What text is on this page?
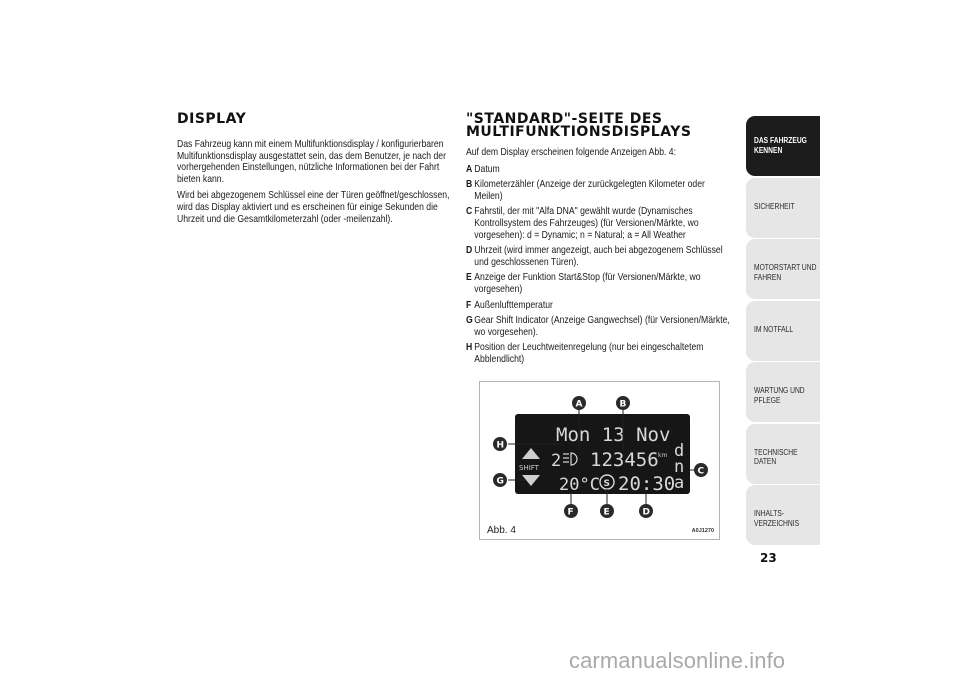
DISPLAY

Das Fahrzeug kann mit einem Multifunktionsdisplay / konfigurierbaren Multifunktionsdisplay ausgestattet sein, das dem Benutzer, je nach der vorhergehenden Einstellungen, nützliche Informationen bei der Fahrt bieten kann.

Wird bei abgezogenem Schlüssel eine der Türen geöffnet/geschlossen, wird das Display aktiviert und es erscheinen für einige Sekunden die Uhrzeit und die Gesamtkilometerzahl (oder -meilenzahl).

"STANDARD"-SEITE DES
MULTIFUNKTIONSDISPLAYS

Auf dem Display erscheinen folgende Anzeigen Abb. 4:

A Datum
B Kilometerzähler (Anzeige der zurückgelegten Kilometer oder Meilen)
C Fahrstil, der mit "Alfa DNA" gewählt wurde (Dynamisches Kontrollsystem des Fahrzeuges) (für Versionen/Märkte, wo vorgesehen): d = Dynamic; n = Natural; a = All Weather
D Uhrzeit (wird immer angezeigt, auch bei abgezogenem Schlüssel und geschlossenen Türen).
E Anzeige der Funktion Start&Stop (für Versionen/Märkte, wo vorgesehen)
F Außenlufttemperatur
G Gear Shift Indicator (Anzeige Gangwechsel) (für Versionen/Märkte, wo vorgesehen).
H Position der Leuchtweitenregelung (nur bei eingeschaltetem Abblendlicht)
Mon 13 Nov
SHIFT 2 123456 km d
n
a
20°C S 20:30
A	B
C
D
E
F
G
H
Abb. 4	A0J1270
DAS FAHRZEUG KENNEN
SICHERHEIT
MOTORSTART UND FAHREN
IM NOTFALL
WARTUNG UND PFLEGE
TECHNISCHE DATEN
INHALTS- VERZEICHNIS
23
carmanualsonline.info
